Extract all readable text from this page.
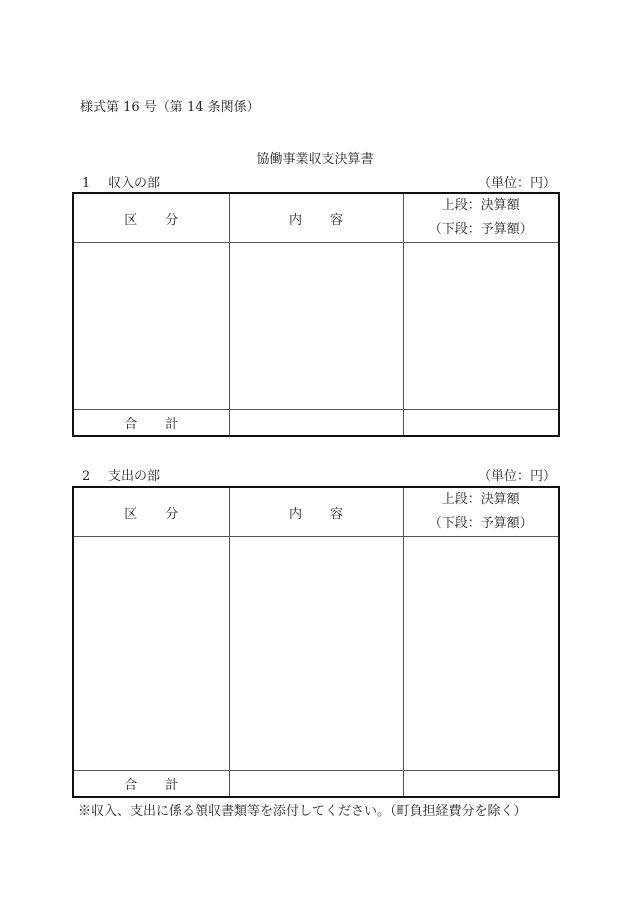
様式第 16 号（第 14 条関係）
協働事業収支決算書
1 収入の部	（単位：円）
区分	内容	上段：決算額
（下段：予算額）

合計		
2 支出の部	（単位：円）
区分	内容	上段：決算額
（下段：予算額）

合計		
※収入、支出に係る領収書類等を添付してください。（町負担経費分を除く）
